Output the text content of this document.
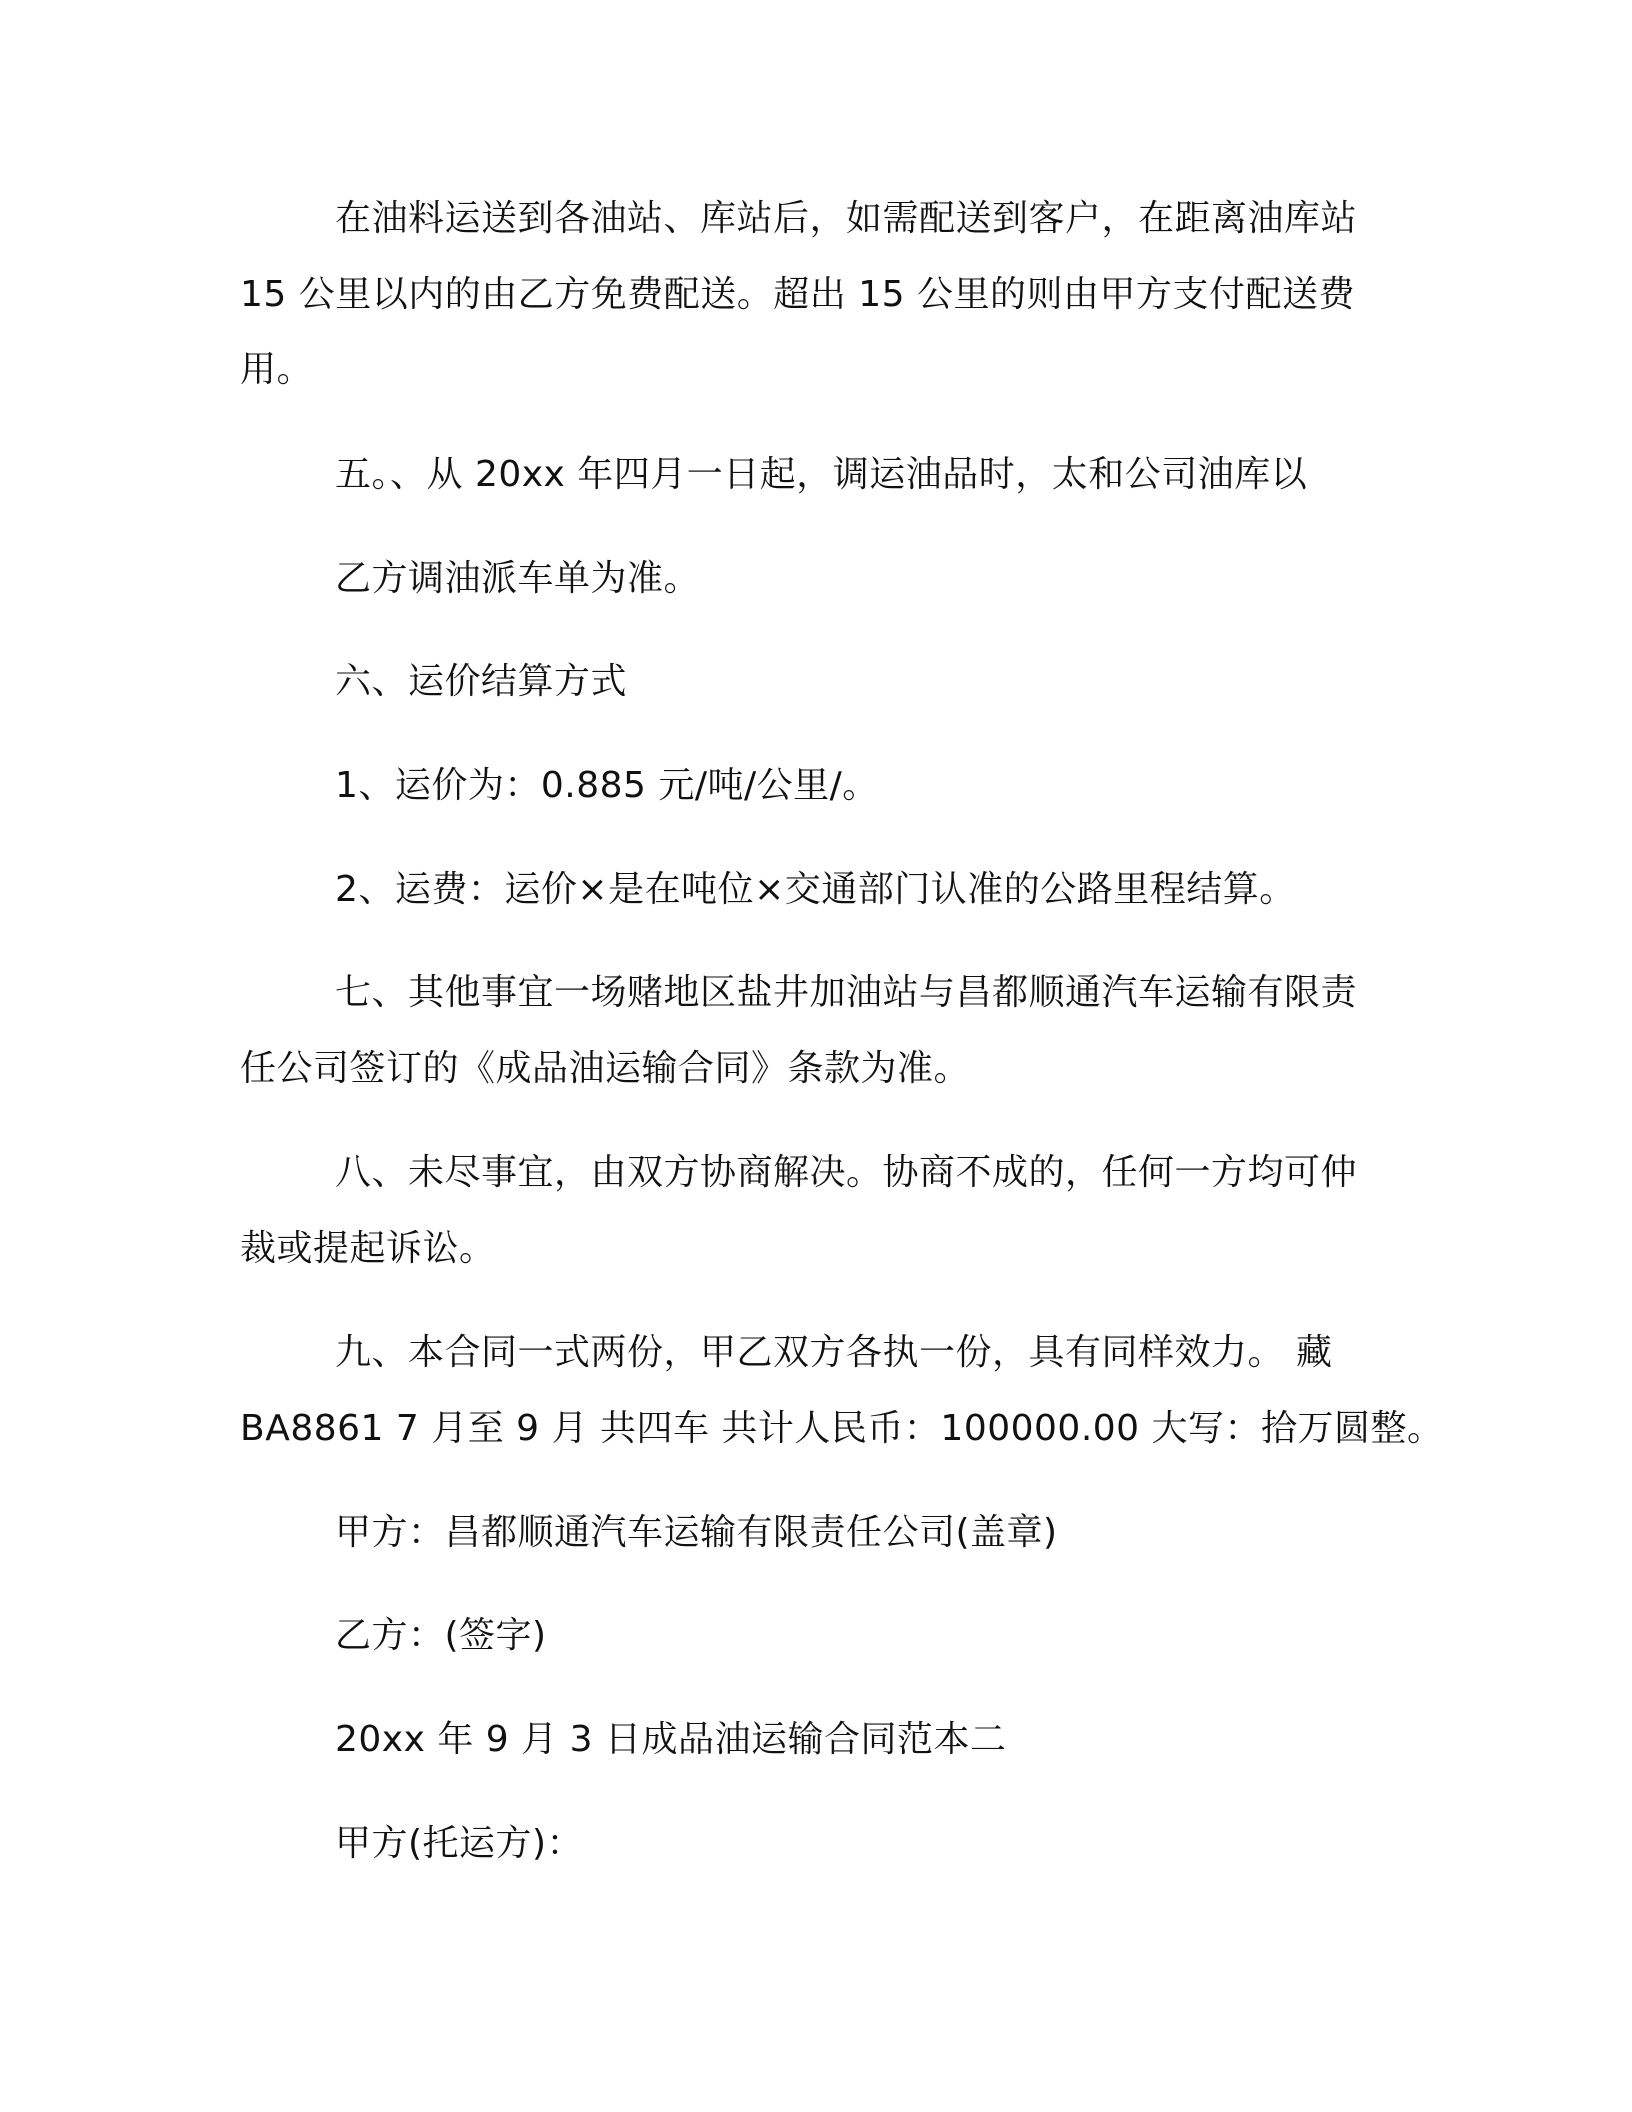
在油料运送到各油站、库站后，如需配送到客户，在距离油库站
15 公里以内的由乙方免费配送。超出 15 公里的则由甲方支付配送费
用。
五。、从 20xx 年四月一日起，调运油品时，太和公司油库以
乙方调油派车单为准。
六、运价结算方式
1、运价为：0.885 元/吨/公里/。
2、运费：运价×是在吨位×交通部门认准的公路里程结算。
七、其他事宜一场赌地区盐井加油站与昌都顺通汽车运输有限责
任公司签订的《成品油运输合同》条款为准。
八、未尽事宜，由双方协商解决。协商不成的，任何一方均可仲
裁或提起诉讼。
九、本合同一式两份，甲乙双方各执一份，具有同样效力。 藏
BA8861 7 月至 9 月 共四车 共计人民币：100000.00 大写：拾万圆整。
甲方：昌都顺通汽车运输有限责任公司(盖章)
乙方：(签字)
20xx 年 9 月 3 日成品油运输合同范本二
甲方(托运方)：
